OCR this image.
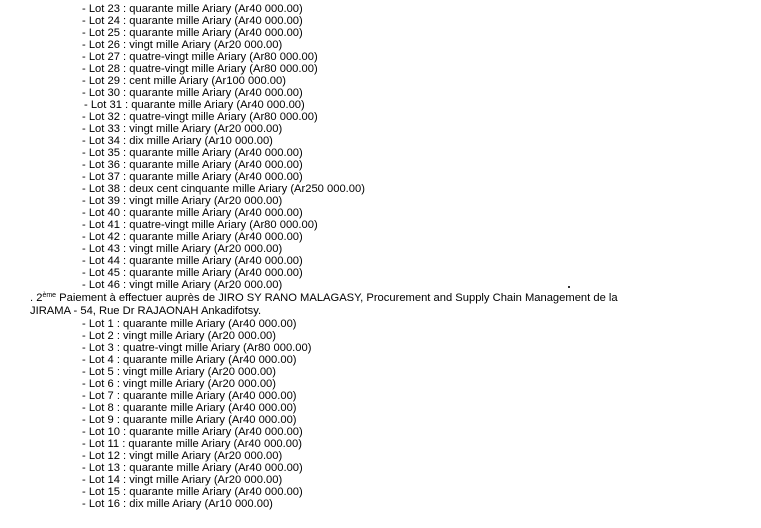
- Lot 23 : quarante mille Ariary (Ar40 000.00)
- Lot 24 : quarante mille Ariary (Ar40 000.00)
- Lot 25 : quarante mille Ariary (Ar40 000.00)
- Lot 26 : vingt mille Ariary (Ar20 000.00)
- Lot 27 : quatre-vingt mille Ariary (Ar80 000.00)
- Lot 28 : quatre-vingt mille Ariary (Ar80 000.00)
- Lot 29 : cent mille Ariary (Ar100 000.00)
- Lot 30 : quarante mille Ariary (Ar40 000.00)
- Lot 31 : quarante mille Ariary (Ar40 000.00)
- Lot 32 : quatre-vingt mille Ariary (Ar80 000.00)
- Lot 33 : vingt mille Ariary (Ar20 000.00)
- Lot 34 : dix mille Ariary (Ar10 000.00)
- Lot 35 : quarante mille Ariary (Ar40 000.00)
- Lot 36 : quarante mille Ariary (Ar40 000.00)
- Lot 37 : quarante mille Ariary (Ar40 000.00)
- Lot 38 : deux cent cinquante mille Ariary (Ar250 000.00)
- Lot 39 : vingt mille Ariary (Ar20 000.00)
- Lot 40 : quarante mille Ariary (Ar40 000.00)
- Lot 41 : quatre-vingt mille Ariary (Ar80 000.00)
- Lot 42 : quarante mille Ariary (Ar40 000.00)
- Lot 43 : vingt mille Ariary (Ar20 000.00)
- Lot 44 : quarante mille Ariary (Ar40 000.00)
- Lot 45 : quarante mille Ariary (Ar40 000.00)
- Lot 46 : vingt mille Ariary (Ar20 000.00)
. 2ème Paiement à effectuer auprès de JIRO SY RANO MALAGASY, Procurement and Supply Chain Management de la
JIRAMA - 54, Rue Dr RAJAONAH Ankadifotsy.
- Lot 1 : quarante mille Ariary (Ar40 000.00)
- Lot 2 : vingt mille Ariary (Ar20 000.00)
- Lot 3 : quatre-vingt mille Ariary (Ar80 000.00)
- Lot 4 : quarante mille Ariary (Ar40 000.00)
- Lot 5 : vingt mille Ariary (Ar20 000.00)
- Lot 6 : vingt mille Ariary (Ar20 000.00)
- Lot 7 : quarante mille Ariary (Ar40 000.00)
- Lot 8 : quarante mille Ariary (Ar40 000.00)
- Lot 9 : quarante mille Ariary (Ar40 000.00)
- Lot 10 : quarante mille Ariary (Ar40 000.00)
- Lot 11 : quarante mille Ariary (Ar40 000.00)
- Lot 12 : vingt mille Ariary (Ar20 000.00)
- Lot 13 : quarante mille Ariary (Ar40 000.00)
- Lot 14 : vingt mille Ariary (Ar20 000.00)
- Lot 15 : quarante mille Ariary (Ar40 000.00)
- Lot 16 : dix mille Ariary (Ar10 000.00)
